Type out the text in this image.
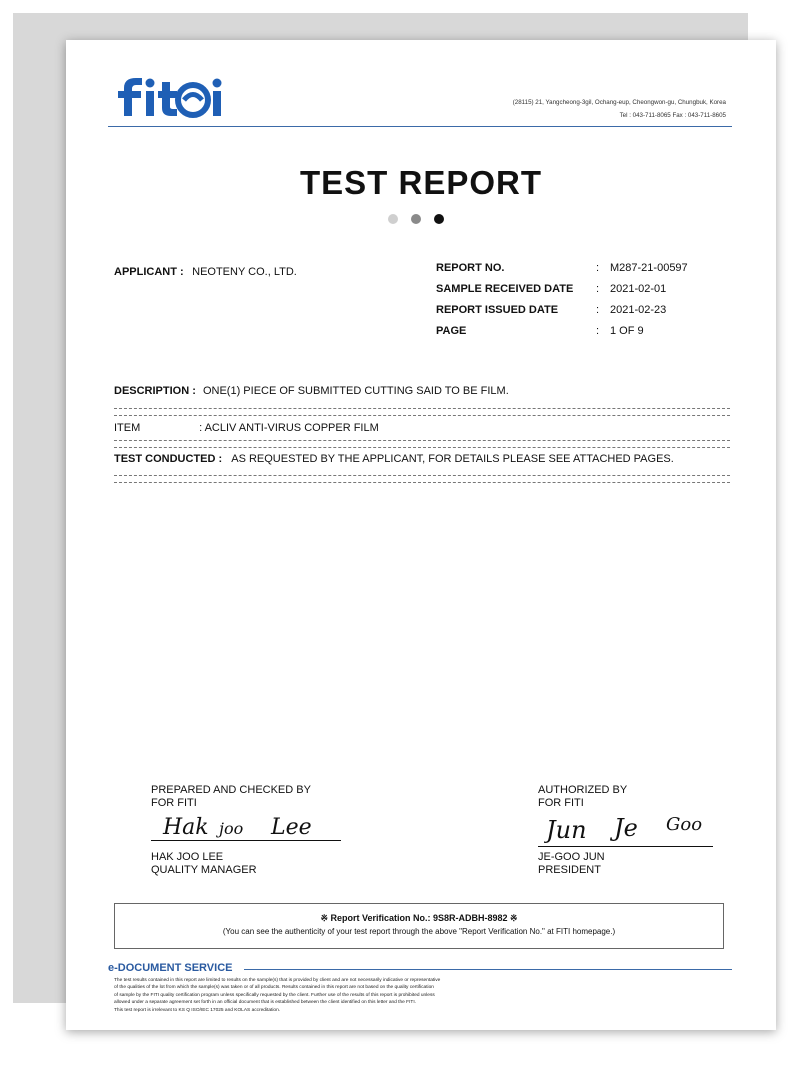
(28115) 21, Yangcheong-3gil, Ochang-eup, Cheongwon-gu, Chungbuk, Korea
Tel : 043-711-8065 Fax : 043-711-8605
TEST REPORT
APPLICANT : NEOTENY CO., LTD.	REPORT NO.	: M287-21-00597
SAMPLE RECEIVED DATE	: 2021-02-01
REPORT ISSUED DATE	: 2021-02-23
PAGE	: 1 OF 9
DESCRIPTION : ONE(1) PIECE OF SUBMITTED CUTTING SAID TO BE FILM.
ITEM	: ACLIV ANTI-VIRUS COPPER FILM
TEST CONDUCTED : AS REQUESTED BY THE APPLICANT, FOR DETAILS PLEASE SEE ATTACHED PAGES.
PREPARED AND CHECKED BY
FOR FITI
Hak joo Lee
HAK JOO LEE
QUALITY MANAGER
AUTHORIZED BY
FOR FITI
Jun Je Goo
JE-GOO JUN
PRESIDENT
※ Report Verification No.: 9S8R-ADBH-8982 ※
(You can see the authenticity of your test report through the above "Report Verification No." at FITI homepage.)
e-DOCUMENT SERVICE
The test results contained in this report are limited to results on the sample(s) that is provided by client and are not necessarily indicative or representative
of the qualities of the lot from which the sample(s) was taken or of all products. Results contained in this report are not based on the quality certification
of sample by the FITI quality certification program unless specifically requested by the client. Further use of the results of this report is prohibited unless
allowed under a separate agreement set forth in an official document that is established between the client identified on this letter and the FITI.
This test report is irrelevant to KS Q ISO/IEC 17025 and KOLAS accreditation.
